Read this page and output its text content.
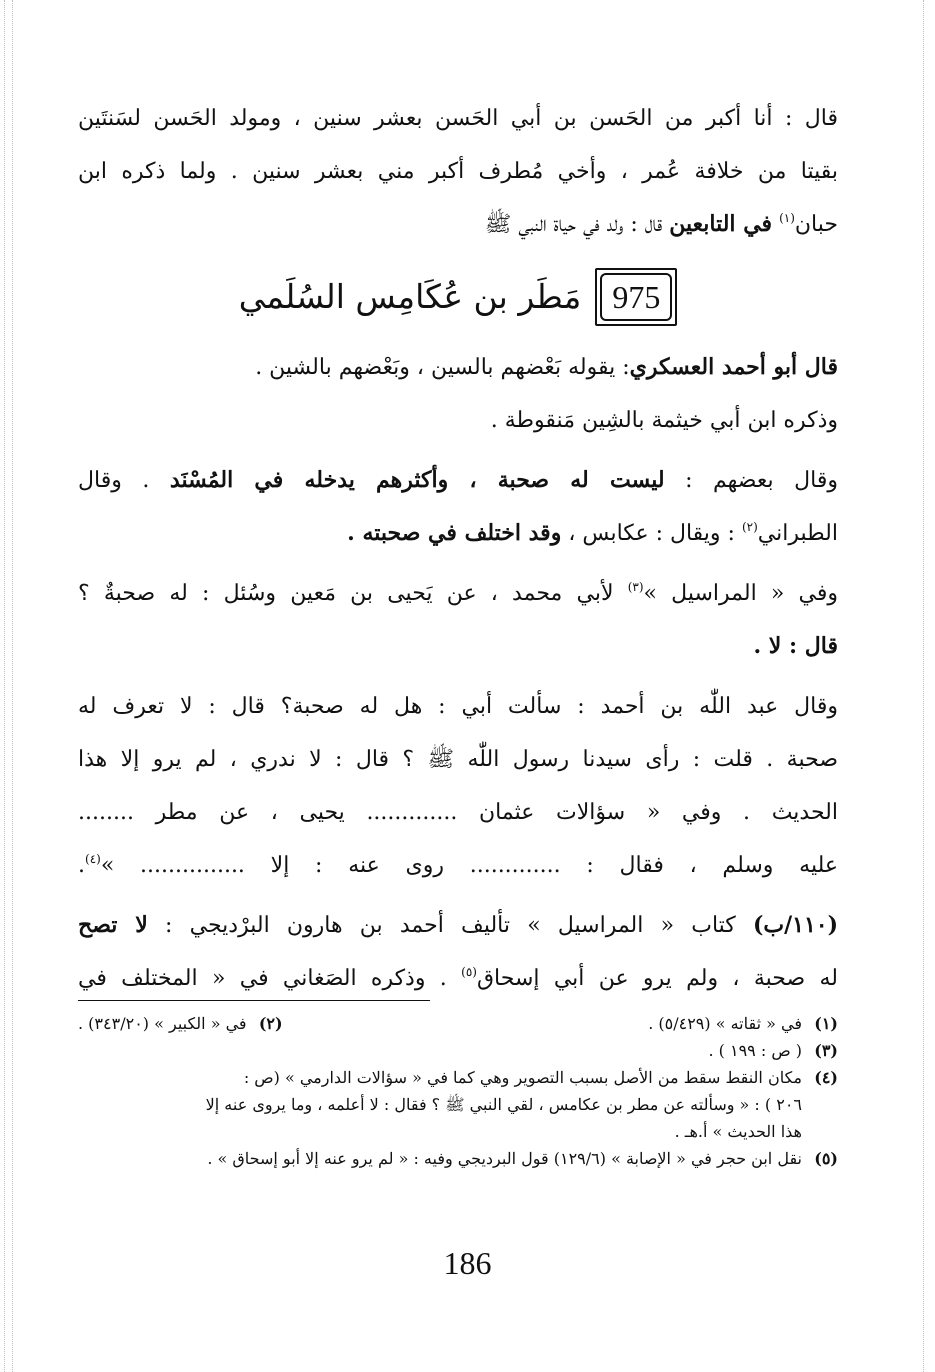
قال : أنا أكبر من الحَسن بن أبي الحَسن بعشر سنين ، ومولد الحَسن لسَنتَين
بقيتا من خلافة عُمر ، وأخي مُطرف أكبر مني بعشر سنين . ولما ذكره ابن
حبان$^{(١)}$ في التابعين قال : ولد في حياة النبي ﷺ
975
مَطَر بن عُكَامِس السُلَمي
قال أبو أحمد العسكري: يقوله بَعْضهم بالسين ، وبَعْضهم بالشين .
وذكره ابن أبي خيثمة بالشِين مَنقوطة .
وقال بعضهم : ليست له صحبة ، وأكثرهم يدخله في المُسْنَد . وقال
الطبراني$^{(٢)}$ : ويقال : عكابس ، وقد اختلف في صحبته .
وفي « المراسيل »$^{(٣)}$ لأبي محمد ، عن يَحيى بن مَعين وسُئل : له صحبةٌ ؟
قال : لا .
وقال عبد اللّٰه بن أحمد : سألت أبي : هل له صحبة؟ قال : لا تعرف له
صحبة . قلت : رأى سيدنا رسول اللّٰه ﷺ ؟ قال : لا ندري ، لم يرو إلا هذا
الحديث . وفي « سؤالات عثمان ............. يحيى ، عن مطر ........
عليه وسلم ، فقال : ............. روى عنه : إلا ............... »$^{(٤)}$.
(١١٠/ب) كتاب « المراسيل » تأليف أحمد بن هارون البرْديجي : لا تصح
له صحبة ، ولم يرو عن أبي إسحاق$^{(٥)}$ . وذكره الصَغاني في « المختلف في
(١)في « ثقاته » (٥/٤٢٩) .
(٢)في « الكبير » (٣٤٣/٢٠) .
(٣)( ص : ١٩٩ ) .
(٤)مكان النقط سقط من الأصل بسبب التصوير وهي كما في « سؤالات الدارمي » (ص :
٢٠٦ ) : « وسألته عن مطر بن عكامس ، لقي النبي ﷺ ؟ فقال : لا أعلمه ، وما يروى عنه إلا
هذا الحديث » أ.هـ .
(٥)نقل ابن حجر في « الإصابة » (١٢٩/٦) قول البرديجي وفيه : « لم يرو عنه إلا أبو إسحاق » .
186
